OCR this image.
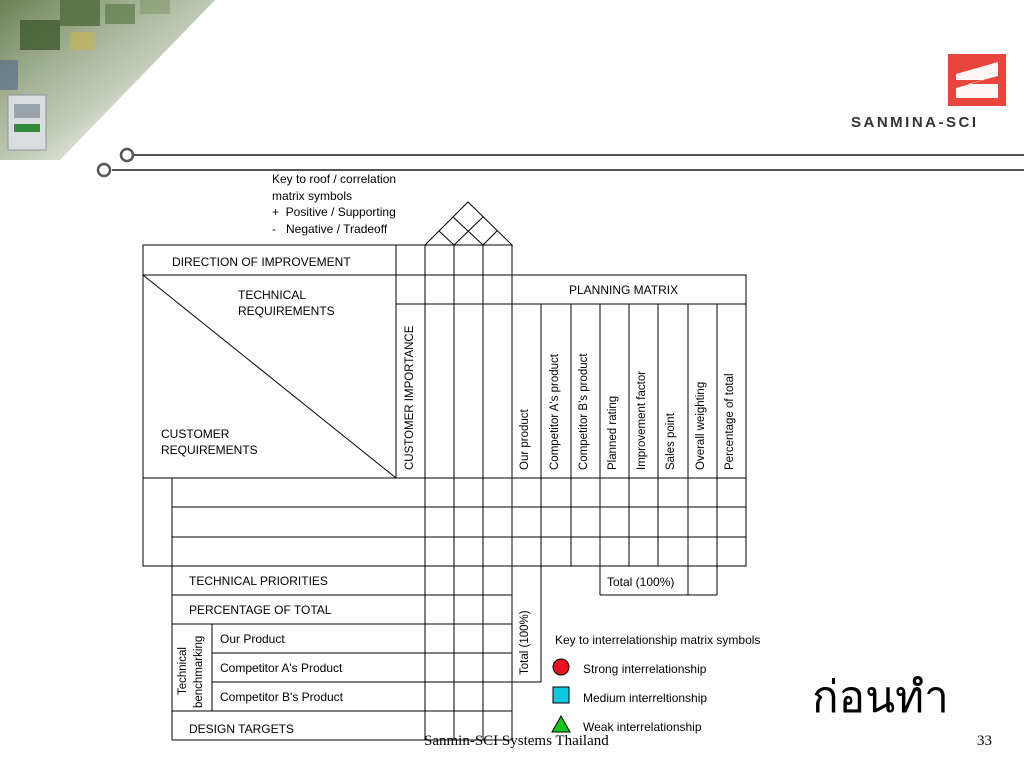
SANMINA-SCI
Key to roof / correlation
matrix symbols
+  Positive / Supporting
-   Negative / Tradeoff
DIRECTION OF IMPROVEMENT
TECHNICAL
REQUIREMENTS
CUSTOMER
REQUIREMENTS	CUSTOMER IMPORTANCE
PLANNING MATRIX
Our product Competitor A's product Competitor B's product Planned rating Improvement factor Sales point Overall weighting Percentage of total
Total (100%)
Total (100%)
TECHNICAL PRIORITIES
PERCENTAGE OF TOTAL
Technical benchmarking Our Product
Competitor A's Product
Competitor B's Product
DESIGN TARGETS
Key to interrelationship matrix symbols
Strong interrelationship
Medium interreltionship
Weak interrelationship
ก่อนทำ
Sanmin-SCI Systems Thailand	33
